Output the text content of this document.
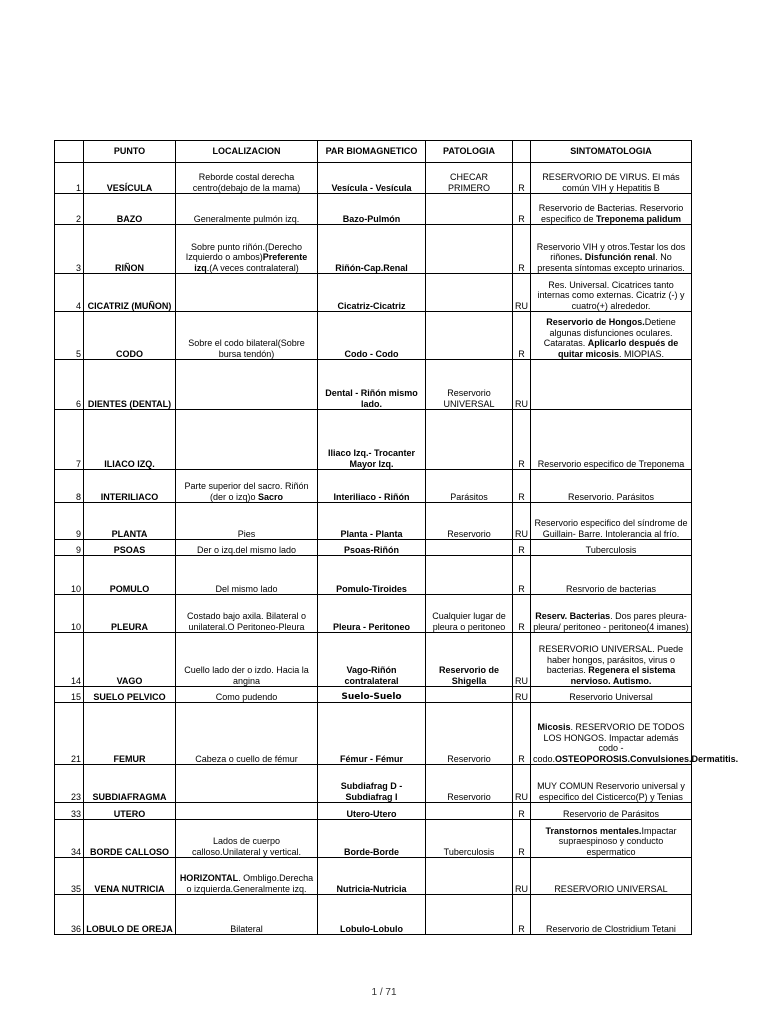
	PUNTO	LOCALIZACION	PAR BIOMAGNETICO	PATOLOGIA		SINTOMATOLOGIA
1	VESÍCULA	Reborde costal derecha centro(debajo de la mama)	Vesícula - Vesícula	CHECAR PRIMERO	R	RESERVORIO DE VIRUS. El más común VIH y Hepatitis B
2	BAZO	Generalmente pulmón izq.	Bazo-Pulmón		R	Reservorio de Bacterias. Reservorio especifico de Treponema palidum
3	RIÑON	Sobre punto riñón.(Derecho Izquierdo o ambos)Preferente izq.(A veces contralateral)	Riñón-Cap.Renal		R	Reservorio VIH y otros.Testar los dos riñones. Disfunción renal. No presenta síntomas excepto urinarios.
4	CICATRIZ (MUÑON)		Cicatriz-Cicatriz		RU	Res. Universal. Cicatrices tanto internas como externas. Cicatriz (-) y cuatro(+) alrededor.
5	CODO	Sobre el codo bilateral(Sobre bursa tendón)	Codo - Codo		R	Reservorio de Hongos.Detiene algunas disfunciones oculares. Cataratas. Aplicarlo después de quitar micosis. MIOPIAS.
6	DIENTES (DENTAL)		Dental - Riñón mismo lado.	Reservorio UNIVERSAL	RU	
7	ILIACO IZQ.		Iliaco Izq.- Trocanter Mayor Izq.		R	Reservorio especifico de Treponema
8	INTERILIACO	Parte superior del sacro. Riñón (der o izq)o Sacro	Interiliaco - Riñón	Parásitos	R	Reservorio. Parásitos
9	PLANTA	Pies	Planta - Planta	Reservorio	RU	Reservorio especifico del síndrome de Guillain- Barre. Intolerancia al frío.
9	PSOAS	Der o izq.del mismo lado	Psoas-Riñón		R	Tuberculosis
10	POMULO	Del mismo lado	Pomulo-Tiroides		R	Resrvorio de bacterias
10	PLEURA	Costado bajo axila. Bilateral o unilateral.O Peritoneo-Pleura	Pleura - Peritoneo	Cualquier lugar de pleura o peritoneo	R	Reserv. Bacterias. Dos pares pleura-pleura/ peritoneo - peritoneo(4 imanes)
14	VAGO	Cuello lado der o izdo. Hacia la angina	Vago-Riñón contralateral	Reservorio de Shigella	RU	RESERVORIO UNIVERSAL. Puede haber hongos, parásitos, virus o bacterias. Regenera el sistema nervioso. Autismo.
15	SUELO PELVICO	Como pudendo	Suelo-Suelo		RU	Reservorio Universal
21	FEMUR	Cabeza o cuello de fémur	Fémur - Fémur	Reservorio	R	Micosis. RESERVORIO DE TODOS LOS HONGOS. Impactar además codo - codo.OSTEOPOROSIS.Convulsiones.Dermatitis.
23	SUBDIAFRAGMA		Subdiafrag D - Subdiafrag I	Reservorio	RU	MUY COMUN Reservorio universal y especifico del Cisticerco(P) y Tenias
33	UTERO		Utero-Utero		R	Reservorio de Parásitos
34	BORDE CALLOSO	Lados de cuerpo calloso.Unilateral y vertical.	Borde-Borde	Tuberculosis	R	Transtornos mentales.Impactar supraespinoso y conducto espermatico
35	VENA NUTRICIA	HORIZONTAL. Ombligo.Derecha o izquierda.Generalmente izq.	Nutricia-Nutricia		RU	RESERVORIO UNIVERSAL
36	LOBULO DE OREJA	Bilateral	Lobulo-Lobulo		R	Reservorio de Clostridium Tetani
1 / 71
